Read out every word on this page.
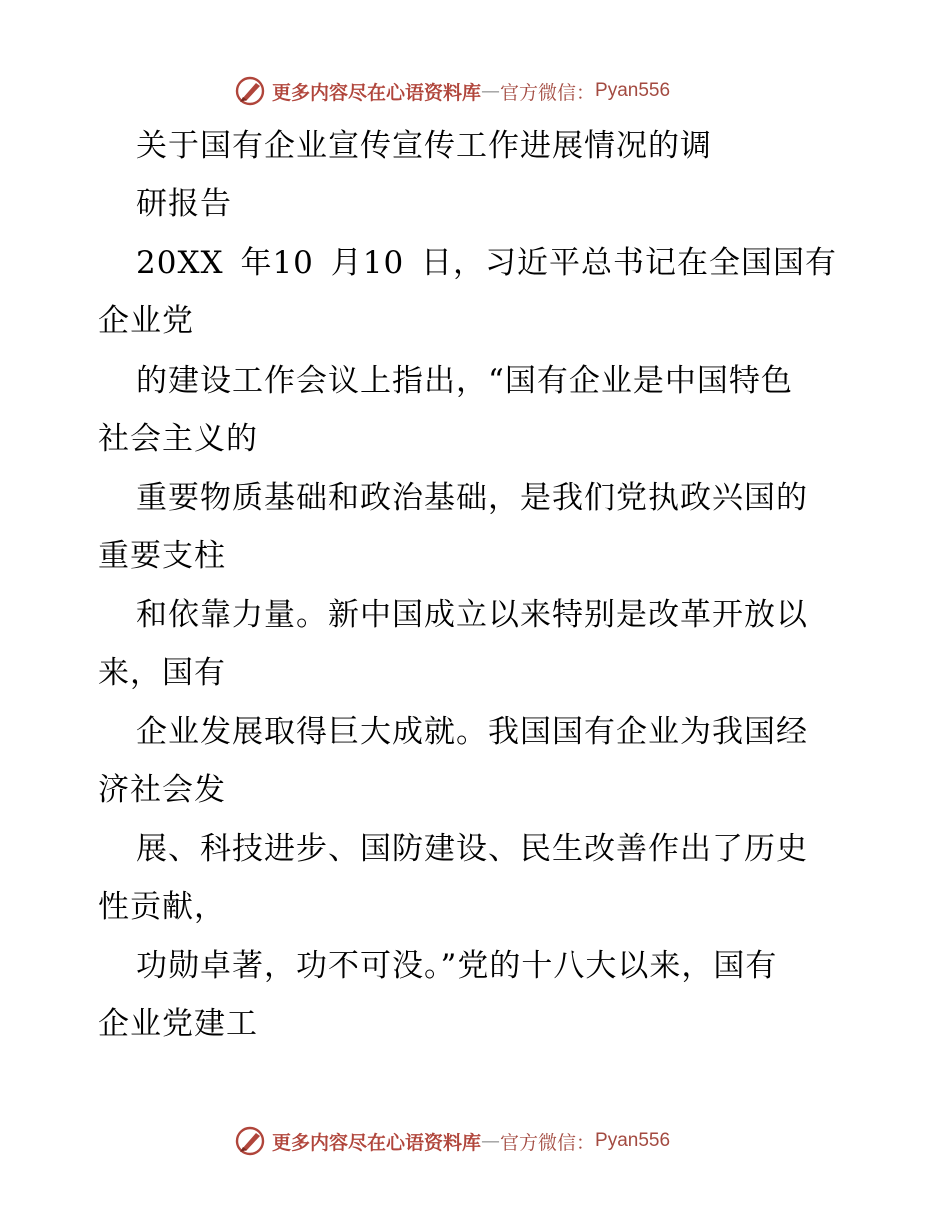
更多内容尽在心语资料库 — 官方微信： Pyan556
关于国有企业宣传宣传工作进展情况的调
研报告
20XX 年10 月10 日，习近平总书记在全国国有
企业党
的建设工作会议上指出，“国有企业是中国特色
社会主义的
重要物质基础和政治基础，是我们党执政兴国的
重要支柱
和依靠力量。新中国成立以来特别是改革开放以
来，国有
企业发展取得巨大成就。我国国有企业为我国经
济社会发
展、科技进步、国防建设、民生改善作出了历史
性贡献，
功勋卓著，功不可没。”党的十八大以来，国有
企业党建工
更多内容尽在心语资料库 — 官方微信： Pyan556
